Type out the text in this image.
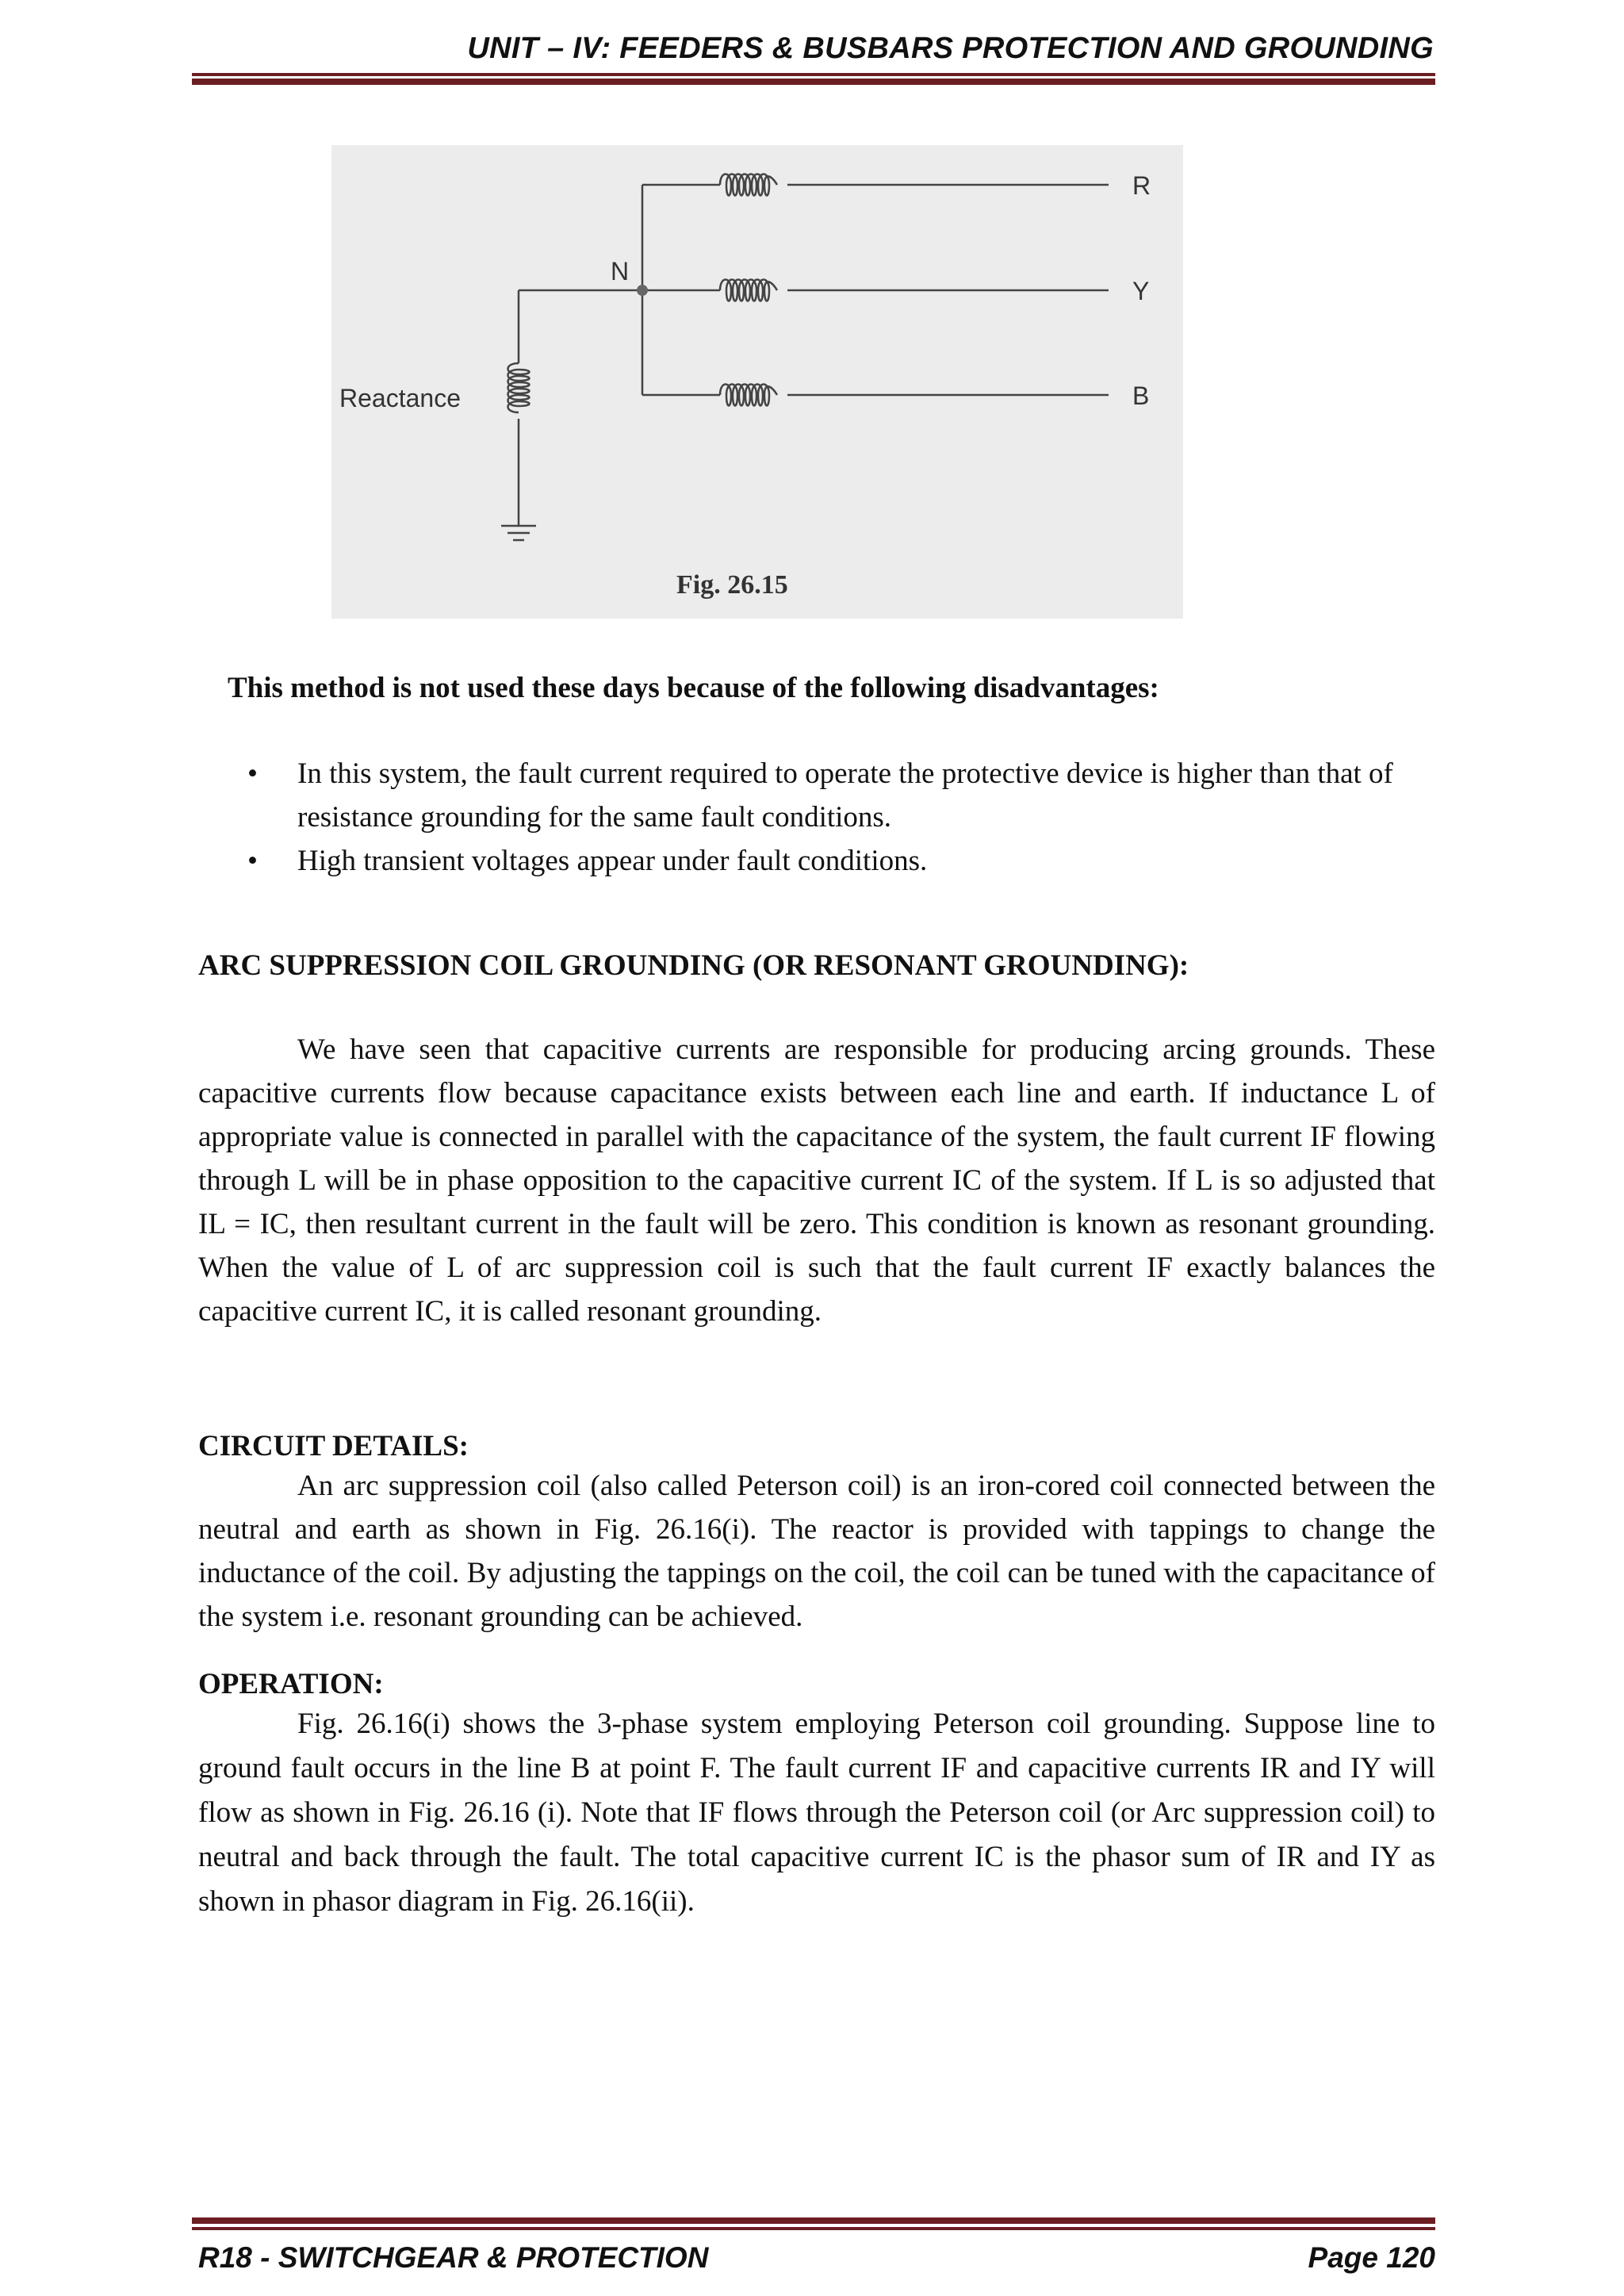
UNIT – IV: FEEDERS & BUSBARS PROTECTION AND GROUNDING
N
R
Y
B
Reactance
Fig. 26.15
This method is not used these days because of the following disadvantages:
• In this system, the fault current required to operate the protective device is higher than that of resistance grounding for the same fault conditions.
• High transient voltages appear under fault conditions.
ARC SUPPRESSION COIL GROUNDING (OR RESONANT GROUNDING):
We have seen that capacitive currents are responsible for producing arcing grounds. These capacitive currents flow because capacitance exists between each line and earth. If inductance L of appropriate value is connected in parallel with the capacitance of the system, the fault current IF flowing through L will be in phase opposition to the capacitive current IC of the system. If L is so adjusted that IL = IC, then resultant current in the fault will be zero. This condition is known as resonant grounding. When the value of L of arc suppression coil is such that the fault current IF exactly balances the capacitive current IC, it is called resonant grounding.
CIRCUIT DETAILS:
An arc suppression coil (also called Peterson coil) is an iron-cored coil connected between the neutral and earth as shown in Fig. 26.16(i). The reactor is provided with tappings to change the inductance of the coil. By adjusting the tappings on the coil, the coil can be tuned with the capacitance of the system i.e. resonant grounding can be achieved.
OPERATION:
Fig. 26.16(i) shows the 3-phase system employing Peterson coil grounding. Suppose line to ground fault occurs in the line B at point F. The fault current IF and capacitive currents IR and IY will flow as shown in Fig. 26.16 (i). Note that IF flows through the Peterson coil (or Arc suppression coil) to neutral and back through the fault. The total capacitive current IC is the phasor sum of IR and IY as shown in phasor diagram in Fig. 26.16(ii).
R18 - SWITCHGEAR & PROTECTION	Page 120
